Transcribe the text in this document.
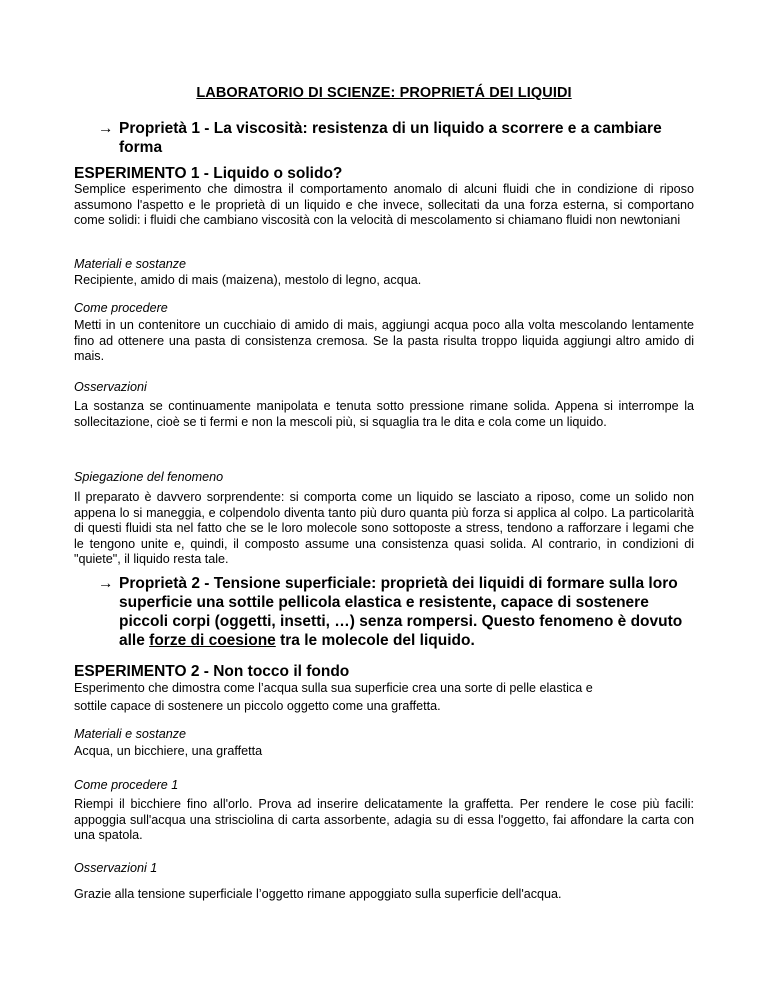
LABORATORIO DI SCIENZE: PROPRIETÁ DEI LIQUIDI
→ Proprietà 1 - La viscosità: resistenza di un liquido a scorrere e a cambiare forma
ESPERIMENTO 1 - Liquido o solido?
Semplice esperimento che dimostra il comportamento anomalo di alcuni fluidi che in condizione di riposo assumono l'aspetto e le proprietà di un liquido e che invece, sollecitati da una forza esterna, si comportano come solidi: i fluidi che cambiano viscosità con la velocità di mescolamento si chiamano fluidi non newtoniani
Materiali e sostanze
Recipiente, amido di mais (maizena), mestolo di legno, acqua.
Come procedere
Metti in un contenitore un cucchiaio di amido di mais, aggiungi acqua poco alla volta mescolando lentamente fino ad ottenere una pasta di consistenza cremosa. Se la pasta risulta troppo liquida aggiungi altro amido di mais.
Osservazioni
La sostanza se continuamente manipolata e tenuta sotto pressione rimane solida. Appena si interrompe la sollecitazione, cioè se ti fermi e non la mescoli più, si squaglia tra le dita e cola come un liquido.
Spiegazione del fenomeno
Il preparato è davvero sorprendente: si comporta come un liquido se lasciato a riposo, come un solido non appena lo si maneggia, e colpendolo diventa tanto più duro quanta più forza si applica al colpo. La particolarità di questi fluidi sta nel fatto che se le loro molecole sono sottoposte a stress, tendono a rafforzare i legami che le tengono unite e, quindi, il composto assume una consistenza quasi solida. Al contrario, in condizioni di "quiete", il liquido resta tale.
→ Proprietà 2 - Tensione superficiale: proprietà dei liquidi di formare sulla loro superficie una sottile pellicola elastica e resistente, capace di sostenere piccoli corpi (oggetti, insetti, …) senza rompersi. Questo fenomeno è dovuto alle forze di coesione tra le molecole del liquido.
ESPERIMENTO 2 - Non tocco il fondo
Esperimento che dimostra come l’acqua sulla sua superficie crea una sorte di pelle elastica e
sottile capace di sostenere un piccolo oggetto come una graffetta.
Materiali e sostanze
Acqua, un bicchiere, una graffetta
Come procedere 1
Riempi il bicchiere fino all'orlo. Prova ad inserire delicatamente la graffetta. Per rendere le cose più facili: appoggia sull'acqua una strisciolina di carta assorbente, adagia su di essa l'oggetto, fai affondare la carta con una spatola.
Osservazioni 1
Grazie alla tensione superficiale l’oggetto rimane appoggiato sulla superficie dell'acqua.
